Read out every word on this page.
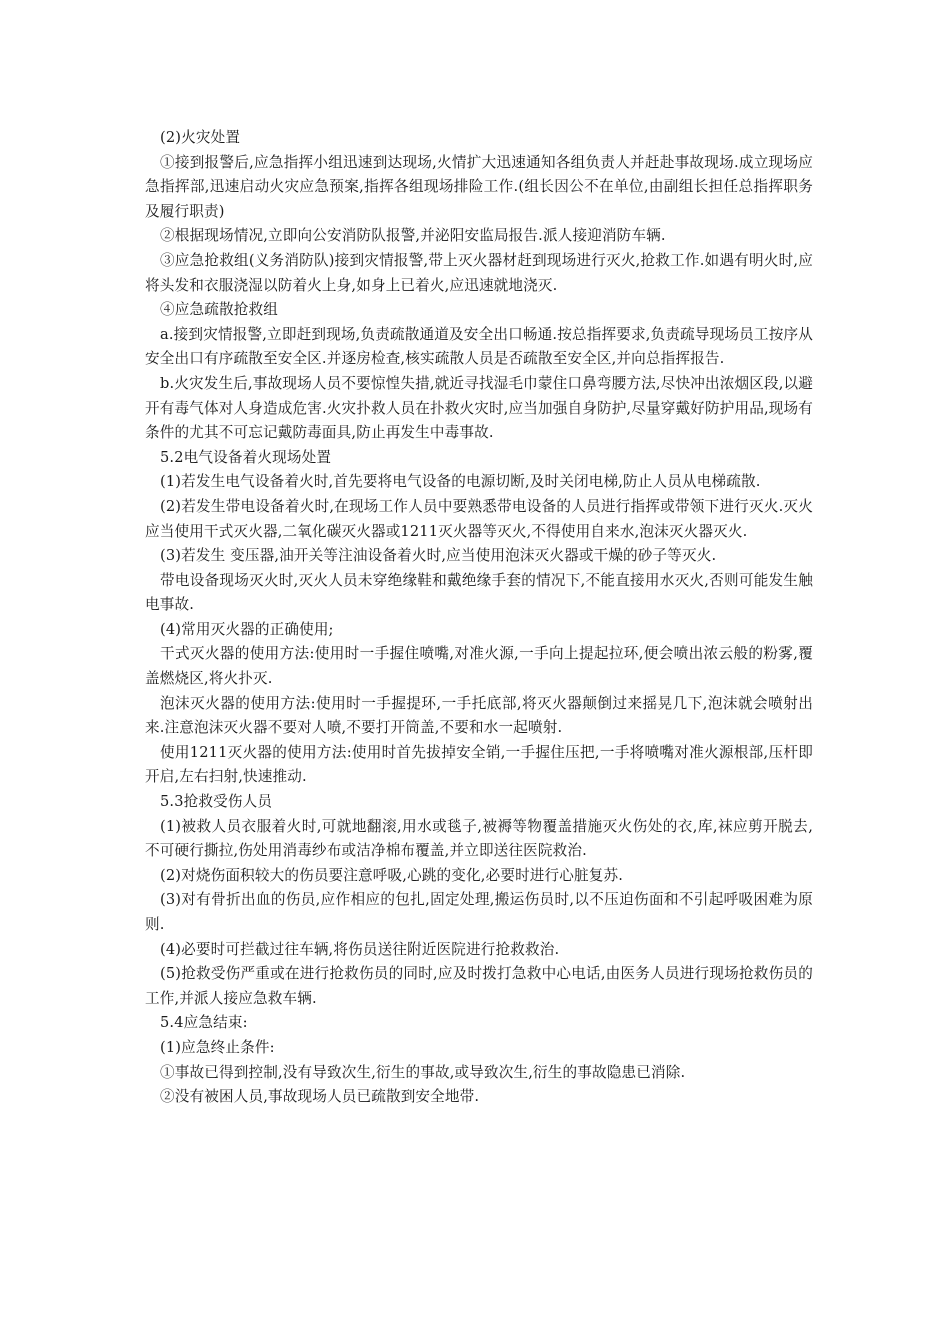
(2)火灾处置

①接到报警后,应急指挥小组迅速到达现场,火情扩大迅速通知各组负责人并赶赴事故现场.成立现场应急指挥部,迅速启动火灾应急预案,指挥各组现场排险工作.(组长因公不在单位,由副组长担任总指挥职务及履行职责)

②根据现场情况,立即向公安消防队报警,并泌阳安监局报告.派人接迎消防车辆.

③应急抢救组(义务消防队)接到灾情报警,带上灭火器材赶到现场进行灭火,抢救工作.如遇有明火时,应将头发和衣服浇湿以防着火上身,如身上已着火,应迅速就地浇灭.

④应急疏散抢救组

a.接到灾情报警,立即赶到现场,负责疏散通道及安全出口畅通.按总指挥要求,负责疏导现场员工按序从安全出口有序疏散至安全区.并逐房检查,核实疏散人员是否疏散至安全区,并向总指挥报告.

b.火灾发生后,事故现场人员不要惊惶失措,就近寻找湿毛巾蒙住口鼻弯腰方法,尽快冲出浓烟区段,以避开有毒气体对人身造成危害.火灾扑救人员在扑救火灾时,应当加强自身防护,尽量穿戴好防护用品,现场有条件的尤其不可忘记戴防毒面具,防止再发生中毒事故.

5.2电气设备着火现场处置

(1)若发生电气设备着火时,首先要将电气设备的电源切断,及时关闭电梯,防止人员从电梯疏散.

(2)若发生带电设备着火时,在现场工作人员中要熟悉带电设备的人员进行指挥或带领下进行灭火.灭火应当使用干式灭火器,二氧化碳灭火器或1211灭火器等灭火,不得使用自来水,泡沫灭火器灭火.

(3)若发生 变压器,油开关等注油设备着火时,应当使用泡沫灭火器或干燥的砂子等灭火.

带电设备现场灭火时,灭火人员未穿绝缘鞋和戴绝缘手套的情况下,不能直接用水灭火,否则可能发生触电事故.

(4)常用灭火器的正确使用;

干式灭火器的使用方法:使用时一手握住喷嘴,对准火源,一手向上提起拉环,便会喷出浓云般的粉雾,覆盖燃烧区,将火扑灭.

泡沫灭火器的使用方法:使用时一手握提环,一手托底部,将灭火器颠倒过来摇晃几下,泡沫就会喷射出来.注意泡沫灭火器不要对人喷,不要打开筒盖,不要和水一起喷射.

使用1211灭火器的使用方法:使用时首先拔掉安全销,一手握住压把,一手将喷嘴对准火源根部,压杆即开启,左右扫射,快速推动.

5.3抢救受伤人员

(1)被救人员衣服着火时,可就地翻滚,用水或毯子,被褥等物覆盖措施灭火伤处的衣,库,袜应剪开脱去,不可硬行撕拉,伤处用消毒纱布或洁净棉布覆盖,并立即送往医院救治.

(2)对烧伤面积较大的伤员要注意呼吸,心跳的变化,必要时进行心脏复苏.

(3)对有骨折出血的伤员,应作相应的包扎,固定处理,搬运伤员时,以不压迫伤面和不引起呼吸困难为原则.

(4)必要时可拦截过往车辆,将伤员送往附近医院进行抢救救治.

(5)抢救受伤严重或在进行抢救伤员的同时,应及时拨打急救中心电话,由医务人员进行现场抢救伤员的工作,并派人接应急救车辆.

5.4应急结束:

(1)应急终止条件:

①事故已得到控制,没有导致次生,衍生的事故,或导致次生,衍生的事故隐患已消除.

②没有被困人员,事故现场人员已疏散到安全地带.
